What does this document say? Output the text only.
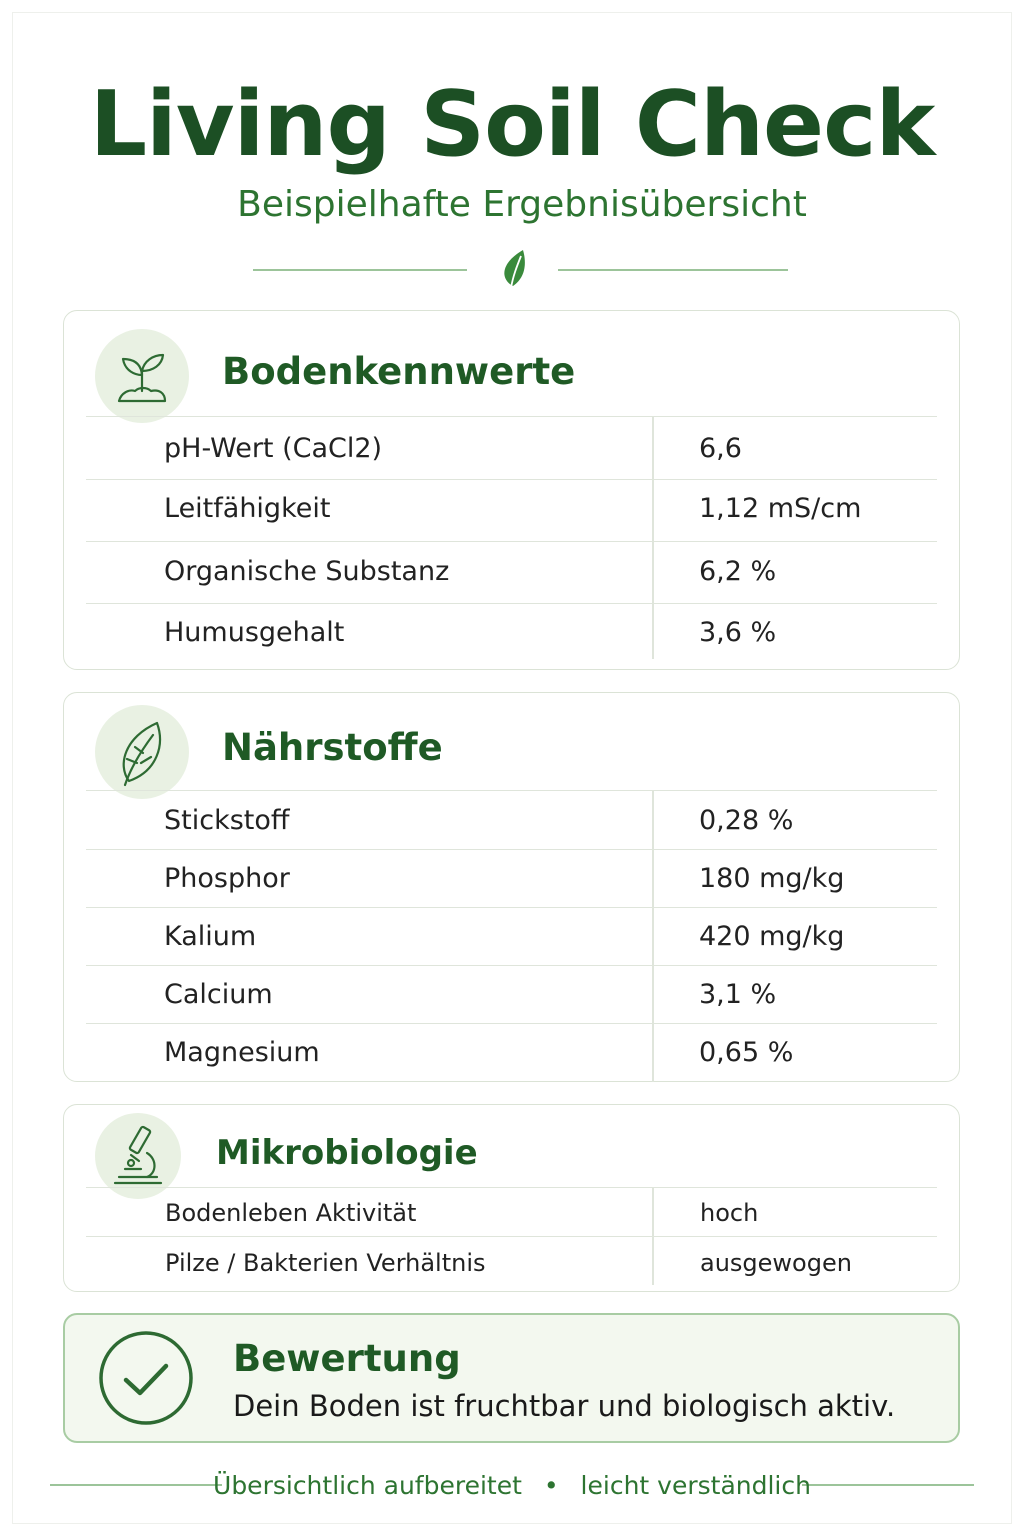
Living Soil Check
Beispielhafte Ergebnisübersicht
Bodenkennwerte
pH-Wert (CaCl2)	6,6
Leitfähigkeit	1,12 mS/cm
Organische Substanz	6,2 %
Humusgehalt	3,6 %
Nährstoffe
Stickstoff	0,28 %
Phosphor	180 mg/kg
Kalium	420 mg/kg
Calcium	3,1 %
Magnesium	0,65 %
Mikrobiologie
Bodenleben Aktivität	hoch
Pilze / Bakterien Verhältnis	ausgewogen
Bewertung
Dein Boden ist fruchtbar und biologisch aktiv.
Übersichtlich aufbereitet • leicht verständlich
